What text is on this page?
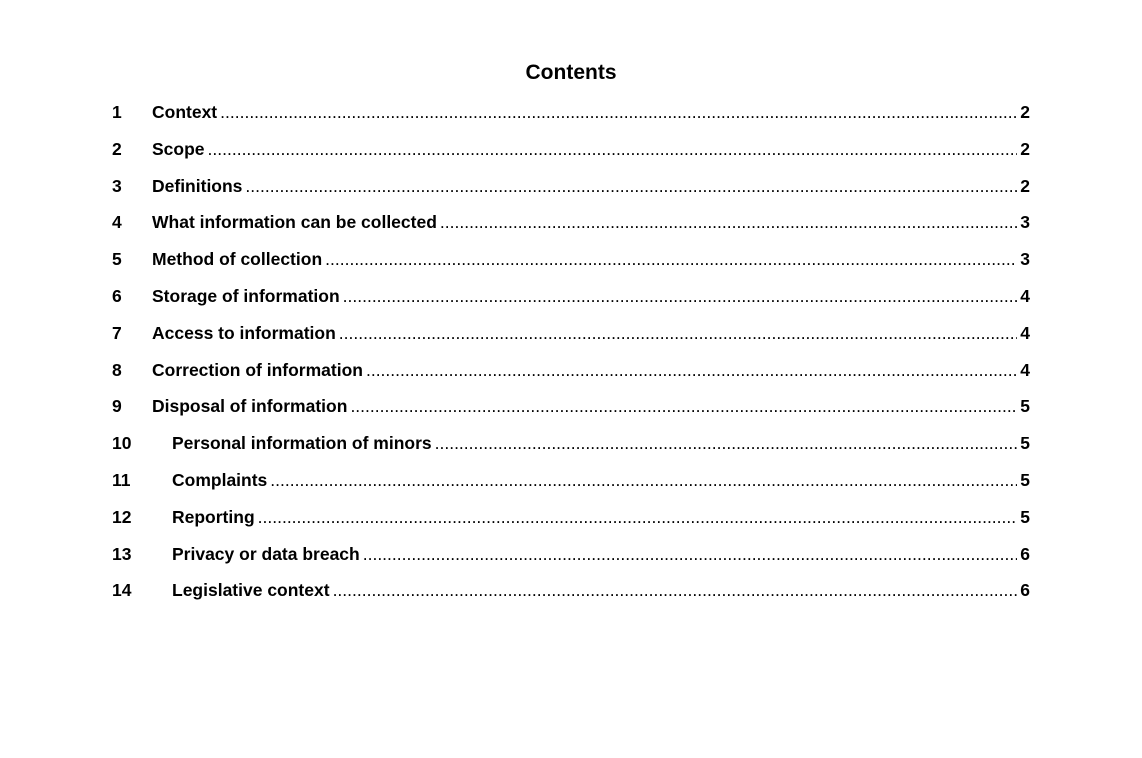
Contents
1	Context .....	2
2	Scope .....	2
3	Definitions .....	2
4	What information can be collected .....	3
5	Method of collection .....	3
6	Storage of information .....	4
7	Access to information .....	4
8	Correction of information .....	4
9	Disposal of information .....	5
10	Personal information of minors .....	5
11	Complaints .....	5
12	Reporting .....	5
13	Privacy or data breach .....	6
14	Legislative context .....	6
